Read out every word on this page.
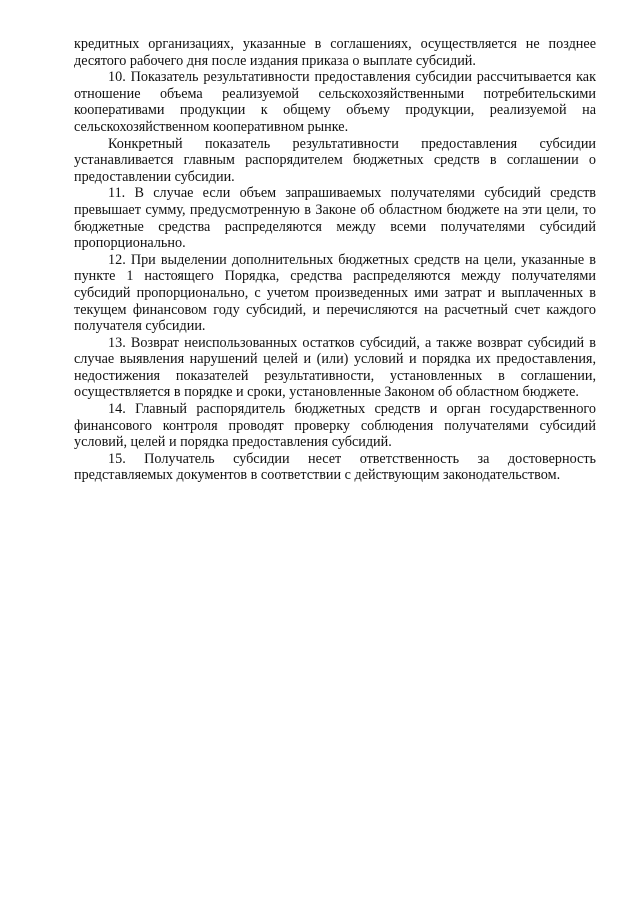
кредитных организациях, указанные в соглашениях, осуществляется не позднее десятого рабочего дня после издания приказа о выплате субсидий.

10. Показатель результативности предоставления субсидии рассчитывается как отношение объема реализуемой сельскохозяйственными потребительскими кооперативами продукции к общему объему продукции, реализуемой на сельскохозяйственном кооперативном рынке.

Конкретный показатель результативности предоставления субсидии устанавливается главным распорядителем бюджетных средств в соглашении о предоставлении субсидии.

11. В случае если объем запрашиваемых получателями субсидий средств превышает сумму, предусмотренную в Законе об областном бюджете на эти цели, то бюджетные средства распределяются между всеми получателями субсидий пропорционально.

12. При выделении дополнительных бюджетных средств на цели, указанные в пункте 1 настоящего Порядка, средства распределяются между получателями субсидий пропорционально, с учетом произведенных ими затрат и выплаченных в текущем финансовом году субсидий, и перечисляются на расчетный счет каждого получателя субсидии.

13. Возврат неиспользованных остатков субсидий, а также возврат субсидий в случае выявления нарушений целей и (или) условий и порядка их предоставления, недостижения показателей результативности, установленных в соглашении, осуществляется в порядке и сроки, установленные Законом об областном бюджете.

14. Главный распорядитель бюджетных средств и орган государственного финансового контроля проводят проверку соблюдения получателями субсидий условий, целей и порядка предоставления субсидий.

15. Получатель субсидии несет ответственность за достоверность представляемых документов в соответствии с действующим законодательством.
